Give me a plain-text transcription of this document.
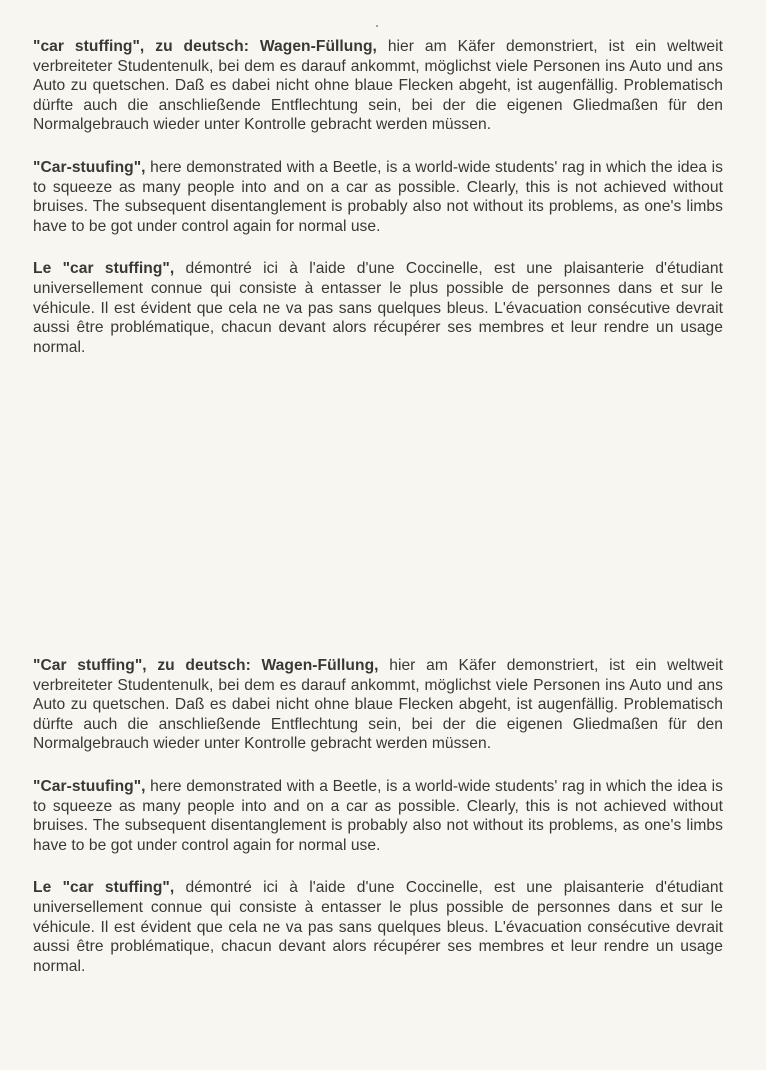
"car stuffing", zu deutsch: Wagen-Füllung, hier am Käfer demonstriert, ist ein weltweit verbreiteter Studentenulk, bei dem es darauf ankommt, möglichst viele Personen ins Auto und ans Auto zu quetschen. Daß es dabei nicht ohne blaue Flecken abgeht, ist augenfällig. Problematisch dürfte auch die anschließende Entflechtung sein, bei der die eigenen Gliedmaßen für den Normalgebrauch wieder unter Kontrolle gebracht werden müssen.

"Car-stuufing", here demonstrated with a Beetle, is a world-wide students' rag in which the idea is to squeeze as many people into and on a car as possible. Clearly, this is not achieved without bruises. The subsequent disentanglement is probably also not without its problems, as one's limbs have to be got under control again for normal use.

Le "car stuffing", démontré ici à l'aide d'une Coccinelle, est une plaisanterie d'étudiant universellement connue qui consiste à entasser le plus possible de personnes dans et sur le véhicule. Il est évident que cela ne va pas sans quelques bleus. L'évacuation consécutive devrait aussi être problématique, chacun devant alors récupérer ses membres et leur rendre un usage normal.

"Car stuffing", zu deutsch: Wagen-Füllung, hier am Käfer demonstriert, ist ein weltweit verbreiteter Studentenulk, bei dem es darauf ankommt, möglichst viele Personen ins Auto und ans Auto zu quetschen. Daß es dabei nicht ohne blaue Flecken abgeht, ist augenfällig. Problematisch dürfte auch die anschließende Entflechtung sein, bei der die eigenen Gliedmaßen für den Normalgebrauch wieder unter Kontrolle gebracht werden müssen.

"Car-stuufing", here demonstrated with a Beetle, is a world-wide students' rag in which the idea is to squeeze as many people into and on a car as possible. Clearly, this is not achieved without bruises. The subsequent disentanglement is probably also not without its problems, as one's limbs have to be got under control again for normal use.

Le "car stuffing", démontré ici à l'aide d'une Coccinelle, est une plaisanterie d'étudiant universellement connue qui consiste à entasser le plus possible de personnes dans et sur le véhicule. Il est évident que cela ne va pas sans quelques bleus. L'évacuation consécutive devrait aussi être problématique, chacun devant alors récupérer ses membres et leur rendre un usage normal.
